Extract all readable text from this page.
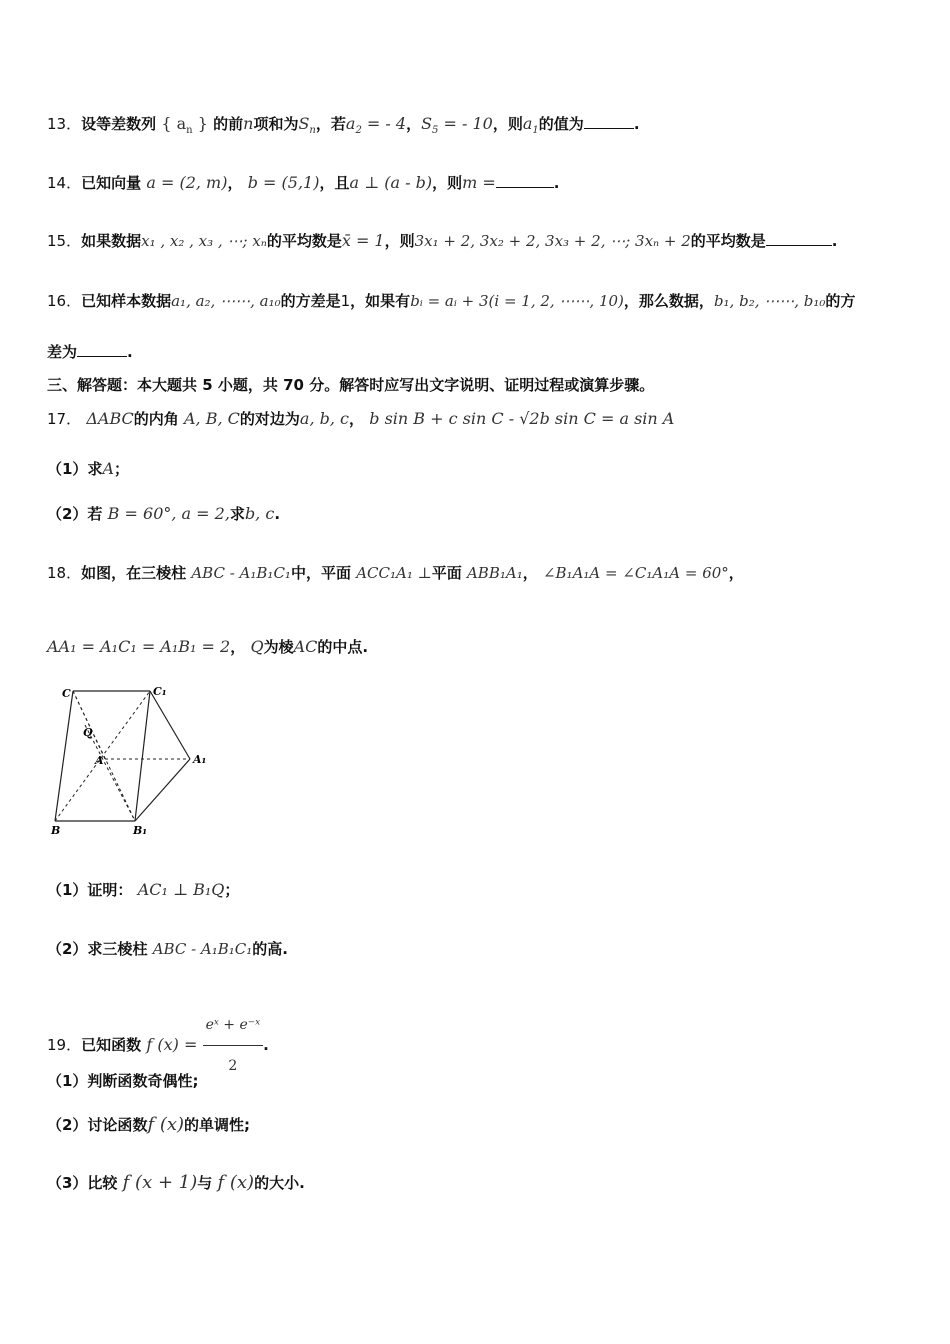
13．设等差数列 { $a_n$ } 的前n项和为$S_n$，若$a_2$ = - 4，$S_5$ = - 10，则$a_1$的值为	.
14．已知向量 a = (2, m)， b = (5,1)，且a ⊥ (a - b)，则m =	.
15．如果数据x₁ , x₂ , x₃ , ⋯; xₙ的平均数是x̄ = 1，则3x₁ + 2, 3x₂ + 2, 3x₃ + 2, ⋯; 3xₙ + 2的平均数是	.
16．已知样本数据a₁, a₂, ⋯⋯, a₁₀的方差是1，如果有bᵢ = aᵢ + 3(i = 1, 2, ⋯⋯, 10)，那么数据，b₁, b₂, ⋯⋯, b₁₀的方
差为	.
三、解答题：本大题共 5 小题，共 70 分。解答时应写出文字说明、证明过程或演算步骤。
17． ΔABC的内角 A, B, C的对边为a, b, c， b sin B + c sin C - √2b sin C = a sin A
（1）求A；
（2）若 B = 60°, a = 2,求b, c.
18．如图，在三棱柱 ABC - A₁B₁C₁中，平面 ACC₁A₁ ⊥平面 ABB₁A₁， ∠B₁A₁A = ∠C₁A₁A = 60°，
AA₁ = A₁C₁ = A₁B₁ = 2， Q为棱AC的中点.
C	C₁
Q
A	A₁
B	B₁
（1）证明： AC₁ ⊥ B₁Q；
（2）求三棱柱 ABC - A₁B₁C₁的高.
19．已知函数 f $(x) = \frac{\text{eˣ + e⁻ˣ}}{2}$ .
（1）判断函数奇偶性;
（2）讨论函数f (x)的单调性;
（3）比较 f (x + 1)与 f (x)的大小.
